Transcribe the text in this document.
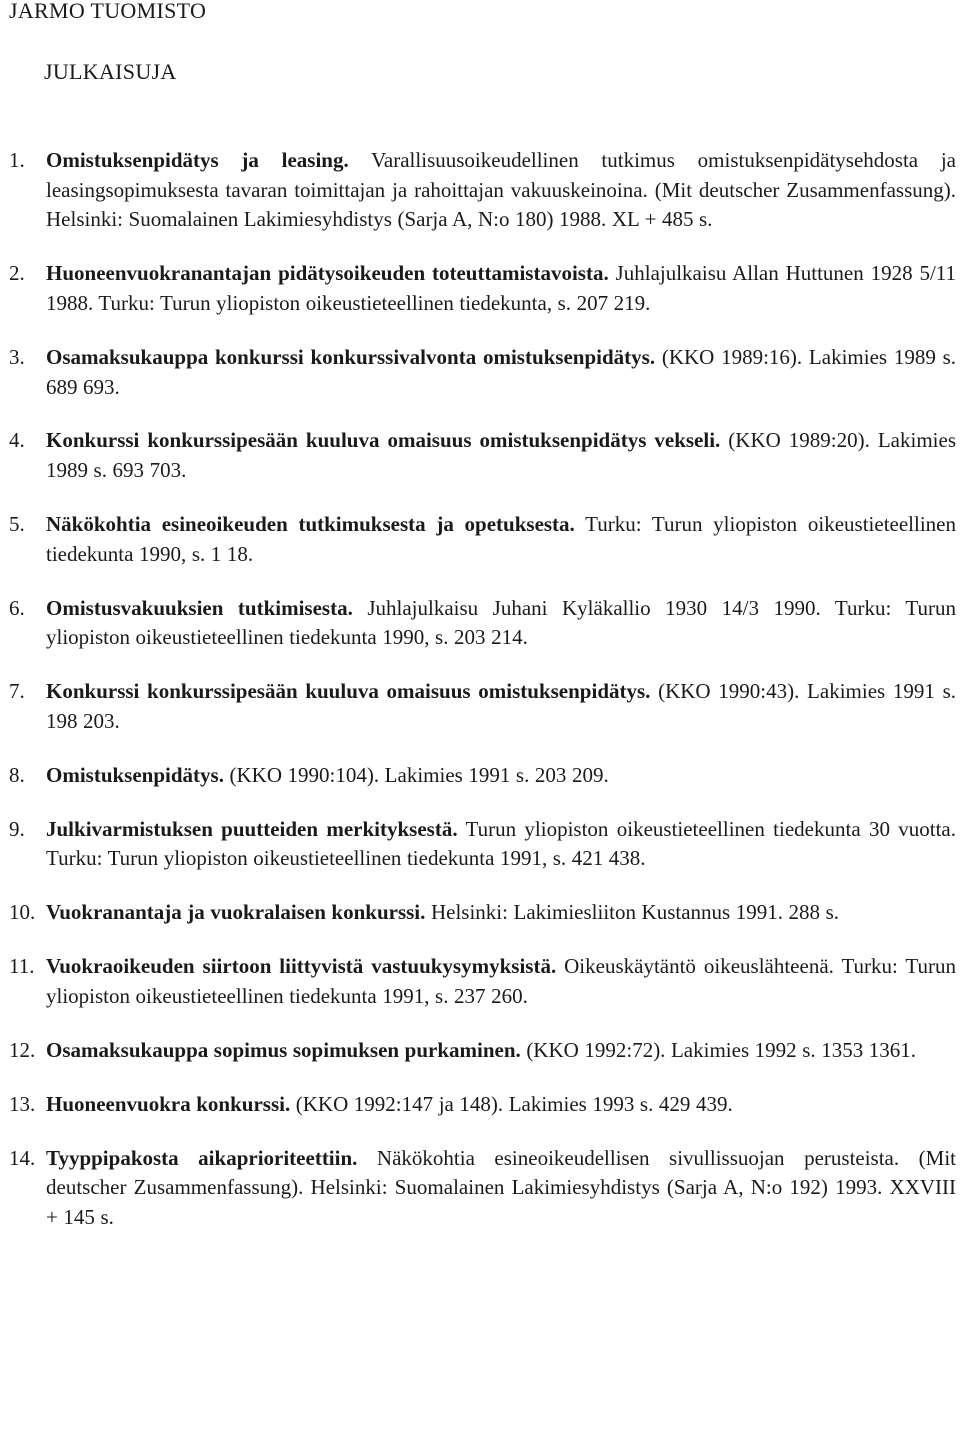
JARMO TUOMISTO
JULKAISUJA
1. Omistuksenpidätys ja leasing. Varallisuusoikeudellinen tutkimus omistuksenpidätysehdosta ja leasingsopimuksesta tavaran toimittajan ja rahoittajan vakuuskeinoina. (Mit deutscher Zusammenfassung). Helsinki: Suomalainen Lakimiesyhdistys (Sarja A, N:o 180) 1988. XL + 485 s.
2. Huoneenvuokranantajan pidätysoikeuden toteuttamistavoista. Juhlajulkaisu Allan Huttunen 1928 5/11 1988. Turku: Turun yliopiston oikeustieteellinen tiedekunta, s. 207 219.
3. Osamaksukauppa konkurssi konkurssivalvonta omistuksenpidätys. (KKO 1989:16). Lakimies 1989 s. 689 693.
4. Konkurssi konkurssipesään kuuluva omaisuus omistuksenpidätys vekseli. (KKO 1989:20). Lakimies 1989 s. 693 703.
5. Näkökohtia esineoikeuden tutkimuksesta ja opetuksesta. Turku: Turun yliopiston oikeustieteellinen tiedekunta 1990, s. 1 18.
6. Omistusvakuuksien tutkimisesta. Juhlajulkaisu Juhani Kyläkallio 1930 14/3 1990. Turku: Turun yliopiston oikeustieteellinen tiedekunta 1990, s. 203 214.
7. Konkurssi konkurssipesään kuuluva omaisuus omistuksenpidätys. (KKO 1990:43). Lakimies 1991 s. 198 203.
8. Omistuksenpidätys. (KKO 1990:104). Lakimies 1991 s. 203 209.
9. Julkivarmistuksen puutteiden merkityksestä. Turun yliopiston oikeustieteellinen tiedekunta 30 vuotta. Turku: Turun yliopiston oikeustieteellinen tiedekunta 1991, s. 421 438.
10. Vuokranantaja ja vuokralaisen konkurssi. Helsinki: Lakimiesliiton Kustannus 1991. 288 s.
11. Vuokraoikeuden siirtoon liittyvistä vastuukysymyksistä. Oikeuskäytäntö oikeuslähteenä. Turku: Turun yliopiston oikeustieteellinen tiedekunta 1991, s. 237 260.
12. Osamaksukauppa sopimus sopimuksen purkaminen. (KKO 1992:72). Lakimies 1992 s. 1353 1361.
13. Huoneenvuokra konkurssi. (KKO 1992:147 ja 148). Lakimies 1993 s. 429 439.
14. Tyyppipakosta aikaprioriteettiin. Näkökohtia esineoikeudellisen sivullissuojan perusteista. (Mit deutscher Zusammenfassung). Helsinki: Suomalainen Lakimiesyhdistys (Sarja A, N:o 192) 1993. XXVIII + 145 s.
